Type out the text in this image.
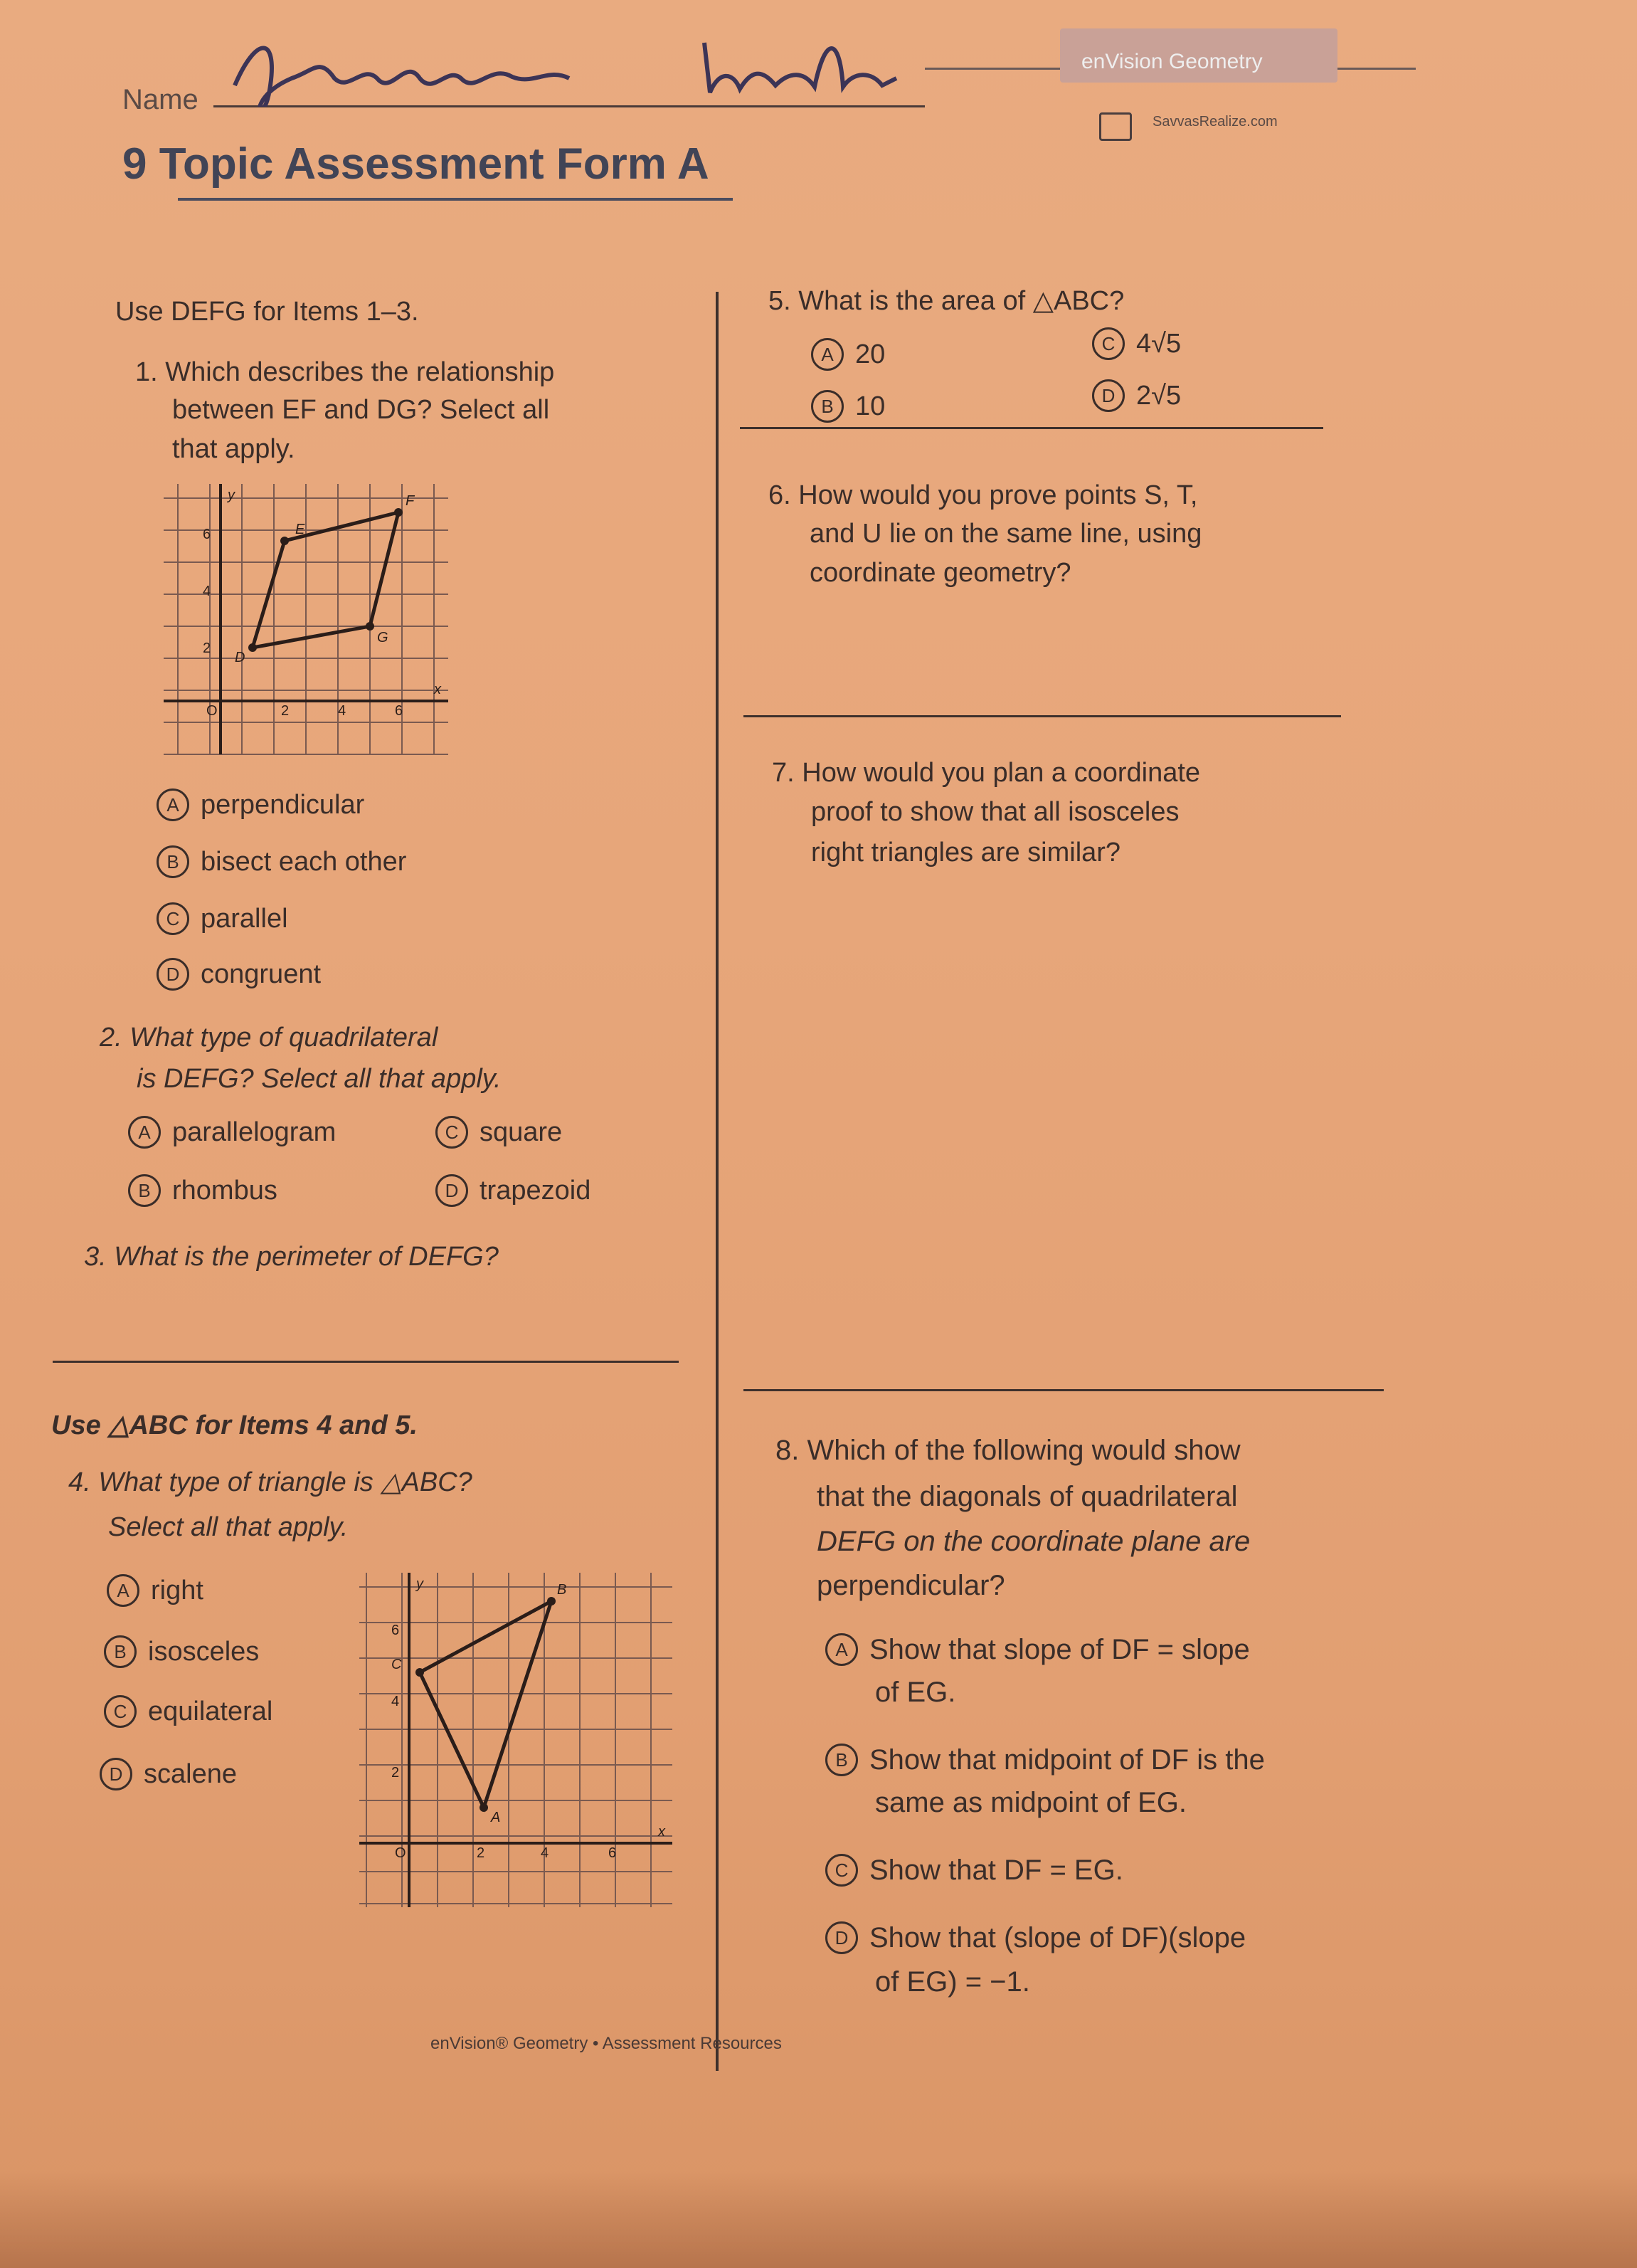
Name
enVision Geometry
SavvasRealize.com
9 Topic Assessment Form A
Use DEFG for Items 1–3.
1. Which describes the relationship
between EF and DG? Select all
that apply.
y
x
D
E
F
G
O	2	4	6
6
4
2
A perpendicular
B bisect each other
C parallel
D congruent
2. What type of quadrilateral
is DEFG? Select all that apply.
A parallelogram	C square
B rhombus	D trapezoid
3. What is the perimeter of DEFG?
Use △ABC for Items 4 and 5.
4. What type of triangle is △ABC?
Select all that apply.
A right
B isosceles
C equilateral
D scalene
y
x
A
B
C
O	2	4	6
6
4
2
5. What is the area of △ABC?
A 20	C 4√5
B 10	D 2√5
6. How would you prove points S, T,
and U lie on the same line, using
coordinate geometry?
7. How would you plan a coordinate
proof to show that all isosceles
right triangles are similar?
8. Which of the following would show
that the diagonals of quadrilateral
DEFG on the coordinate plane are
perpendicular?
A Show that slope of DF = slope
of EG.
B Show that midpoint of DF is the
same as midpoint of EG.
C Show that DF = EG.
D Show that (slope of DF)(slope
of EG) = −1.
enVision® Geometry • Assessment Resources
